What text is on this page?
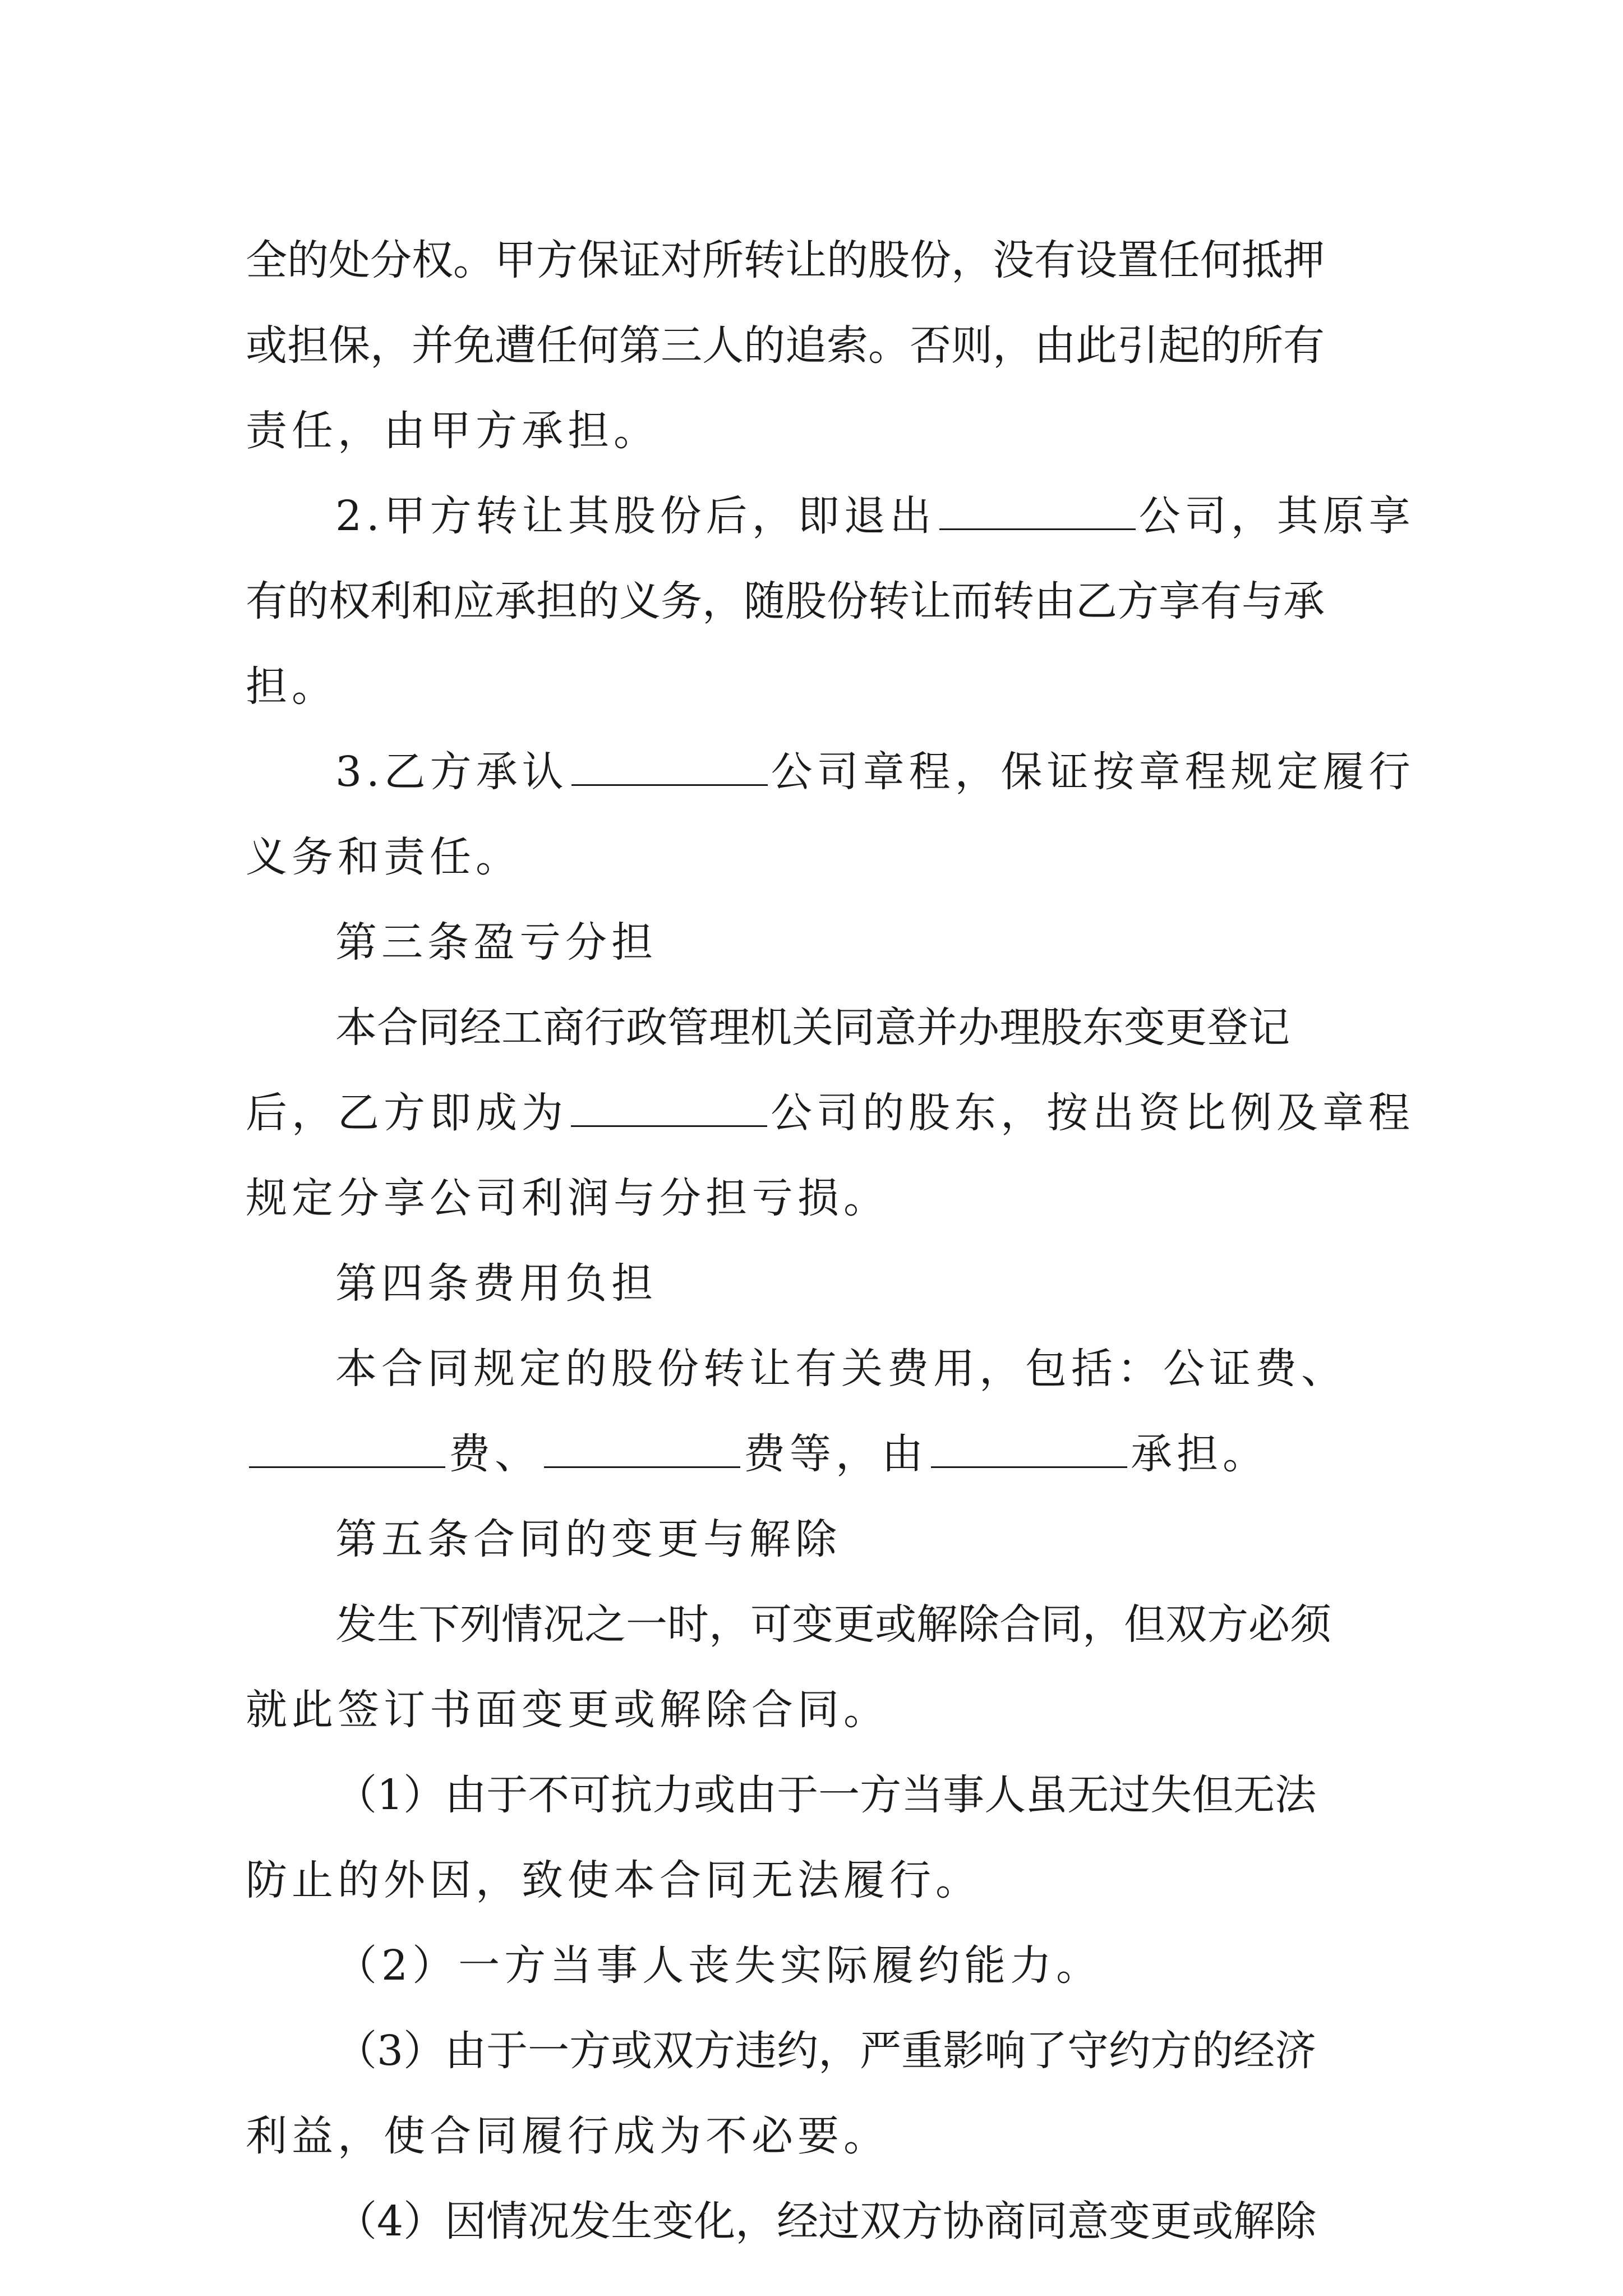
全的处分权。甲方保证对所转让的股份，没有设置任何抵押
或担保，并免遭任何第三人的追索。否则，由此引起的所有
责任，由甲方承担。
2.甲方转让其股份后，即退出	公司，其原享
有的权利和应承担的义务，随股份转让而转由乙方享有与承
担。
3.乙方承认	公司章程，保证按章程规定履行
义务和责任。
第三条盈亏分担
本合同经工商行政管理机关同意并办理股东变更登记
后，乙方即成为	公司的股东，按出资比例及章程
规定分享公司利润与分担亏损。
第四条费用负担
本合同规定的股份转让有关费用，包括：公证费、
费、	费等，由	承担。
第五条合同的变更与解除
发生下列情况之一时，可变更或解除合同，但双方必须
就此签订书面变更或解除合同。
（1）由于不可抗力或由于一方当事人虽无过失但无法
防止的外因，致使本合同无法履行。
（2）一方当事人丧失实际履约能力。
（3）由于一方或双方违约，严重影响了守约方的经济
利益，使合同履行成为不必要。
（4）因情况发生变化，经过双方协商同意变更或解除
